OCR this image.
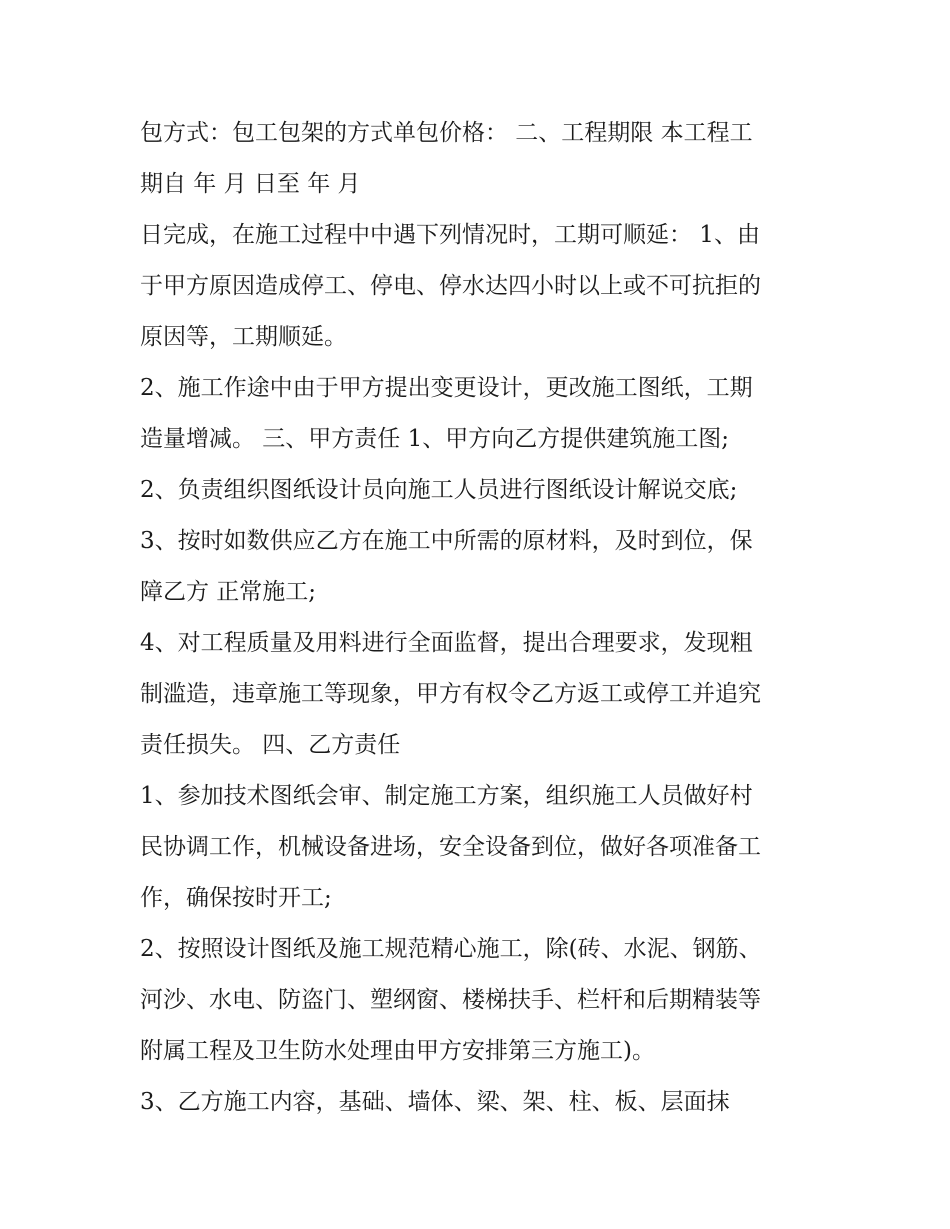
包方式：包工包架的方式单包价格： 二、工程期限 本工程工
期自 年 月 日至 年 月
日完成，在施工过程中中遇下列情况时，工期可顺延： 1、由
于甲方原因造成停工、停电、停水达四小时以上或不可抗拒的
原因等，工期顺延。
2、施工作途中由于甲方提出变更设计，更改施工图纸，工期
造量增减。 三、甲方责任 1、甲方向乙方提供建筑施工图;
2、负责组织图纸设计员向施工人员进行图纸设计解说交底;
3、按时如数供应乙方在施工中所需的原材料，及时到位，保
障乙方 正常施工;
4、对工程质量及用料进行全面监督，提出合理要求，发现粗
制滥造，违章施工等现象，甲方有权令乙方返工或停工并追究
责任损失。 四、乙方责任
1、参加技术图纸会审、制定施工方案，组织施工人员做好村
民协调工作，机械设备进场，安全设备到位，做好各项准备工
作，确保按时开工;
2、按照设计图纸及施工规范精心施工，除(砖、水泥、钢筋、
河沙、水电、防盗门、塑纲窗、楼梯扶手、栏杆和后期精装等
附属工程及卫生防水处理由甲方安排第三方施工)。
3、乙方施工内容，基础、墙体、梁、架、柱、板、层面抹
